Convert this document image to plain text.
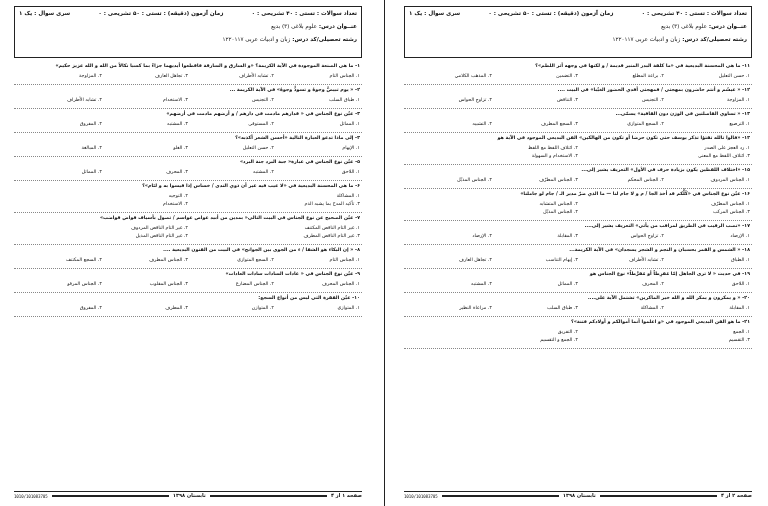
تعداد سوالات : تستی : ۴۰ تشریحی : ۰
زمان آزمون (دقیقه) : تستی : ۵۰ تشریحی : ۰
سری سوال : یک ۱
عنــوان درس: علوم بلاغی (۳) بدیع
رشته تحصیلی/کد درس: زبان و ادبیات عربی ۱۲۲۰۱۱۷
۱۱- ما هي المحسنة البديعية في «ما كلفة البدر المنير قديمة / و لكنها في وجهه أثر اللطم»؟
۱. حسن التعليل
۲. براعة المطلع
۳. التضمين
۴. المذهب الكلامي
۱۲- « عيشُم و أنتم حاضرون بمهجتي / فمهجتي أفدي الحضور الغيّبا» في البيت ....
۱. المزاوجة
۲. التجنيس
۳. التناقض
۴. تزاوج الحواس
۱۳- « تساوي الفاصلتين في الوزن دون القافية» يسمّى...
۱. الترصيع
۲. السجع المتوازي
۳. السجع المطرف
۴. التشبيه
۱۴- «فالوا تالله تفتؤا تذكر يوسف حتى تكون حرضا أو تكون من الهالكين» الفن البديعي الموجود في الآية هو
۱. رد العجز على الصدر
۲. ائتلاف اللفظ مع اللفظ
۳. ائتلاف اللفظ مع المعنى
۴. الاستخدام و السهولة
۱۵- «اختلاف اللفظين يكون بزيادة حرف في الأول» التعريف يشير إلى...
۱. الجناس المردوف
۲. الجناس المحكم
۳. الجناس المطرّف
۴. الجناس المذيّل
۱۶- عيّن نوع الجناس في «كُلُّكم قد أخذ الجا / م و لا جام لنا — ما الذي ضرّ مدير الـ / جام لو جاملنا»
۱. الجناس المطرّف
۲. الجناس المتشابه
۳. الجناس المركب
۴. الجناس المذيّل
۱۷- «نصب الرقيب في الطريق لمراقب من يأتي» التعريف يشير إلى....
۱. الإرصاد
۲. تزاوج الحواس
۳. المقابلة
۴. الإرصاد
۱۸- « الشمس و القمر بحسبان و النجم و الشجر يسجدان» في الآية الكريمة...
۱. الطباق
۲. تشابه الأطراف
۳. إيهام التناسب
۴. تجاهل العارف
۱۹- في حديث « لا ترى الجاهل إمّا مُفرِطاً أو مُفرِّطاً» نوع الجناس هو
۱. اللاحق
۲. المحرف
۳. المماثل
۴. المشتبه
۲۰- « و يمكرون و يمكر الله و الله خير الماكرين» تشتمل الآية على....
۱. المقابلة
۲. المشاكلة
۳. طباق السلب
۴. مراعاة النظير
۲۱- ما هو الفن البديعي الموجود في «و اعلموا أنما أموالكم و أولادكم فتنة»؟
۱. الجمع
۲. التفريق
۳. التقسيم
۴. الجمع و التقسيم
صفحه ۲ از ۴
تابستان ۱۳۹۸
1010/101083705
تعداد سوالات : تستی : ۴۰ تشریحی : ۰
زمان آزمون (دقیقه) : تستی : ۵۰ تشریحی : ۰
سری سوال : یک ۱
عنــوان درس: علوم بلاغی (۳) بدیع
رشته تحصیلی/کد درس: زبان و ادبیات عربی ۱۲۲۰۱۱۷
۱- ما هي الصنعة الموجودة في الآية الكريمة؟ «و السارق و السارقة فاقطعوا أيديهما جزاءً بما كسبا نكالاً من الله و الله عزيز حكيم»
۱. الجناس التام
۲. تشابه الأطراف
۳. تجاهل العارف
۴. المزاوجة
۲- « يوم تبيضُّ وجوهٌ و تسودُّ وجوهٌ» في الآية الكريمة ...
۱. طباق السلب
۲. التجنيس
۳. الاستخدام
۴. تشابه الأطراف
۳- عيّن نوع الجناس في « قدارهم مادمت في دارهم / و أرضهم مادمت في أرضهم»
۱. المماثل
۲. المستوفى
۳. المشتبه
۴. المفروق
۴- إلى ماذا تدعو العبارة التالية «أحسن الشعر أكذبه»؟
۱. الإيهام
۲. حسن التعليل
۳. الغلو
۴. المبالغة
۵- عيّن نوع الجناس في عبارة« جبة البرد جنة البرد»
۱. اللاحق
۲. المشتبه
۳. المحرف
۴. المماثل
۶- ما هي المحسنة البديعية في «لا عيب فيه غير أن ذوي الندى / خساس إذا قيسوا به و لئام»؟
۱. المشاكلة
۲. التوجيه
۳. تأكيد المدح بما يشبه الذم
۴. الاستخدام
۷- عيّن الصحيح عن نوع الجناس في البيت التالي« بمدين من أبيد عواص عواسم / تصول بأسياف قواض قواضب»
۱. غير التام الناقص المكتنف
۲. غير التام الناقص المردوف
۳. غير التام الناقص المطرف
۴. غير التام الناقص المذيل
۸- « إن البكاء هو الشفا / ء من الجوى بين الجوانح» في البيت من الفنون البديعية ....
۱. الجناس التام
۲. السجع المتوازي
۳. الجناس المطرف
۴. السجع المكتنف
۹- عيّن نوع الجناس في « عادات السادات سادات العادات»
۱. الجناس المحرف
۲. الجناس المضارع
۳. الجناس المقلوب
۴. الجناس المرفو
۱۰- عيّن الفقرة التي ليس من أنواع السجع:
۱. المتوازي
۲. المتوازن
۳. المطرف
۴. المفروق
صفحه ۱ از ۴
تابستان ۱۳۹۸
1010/101083705
